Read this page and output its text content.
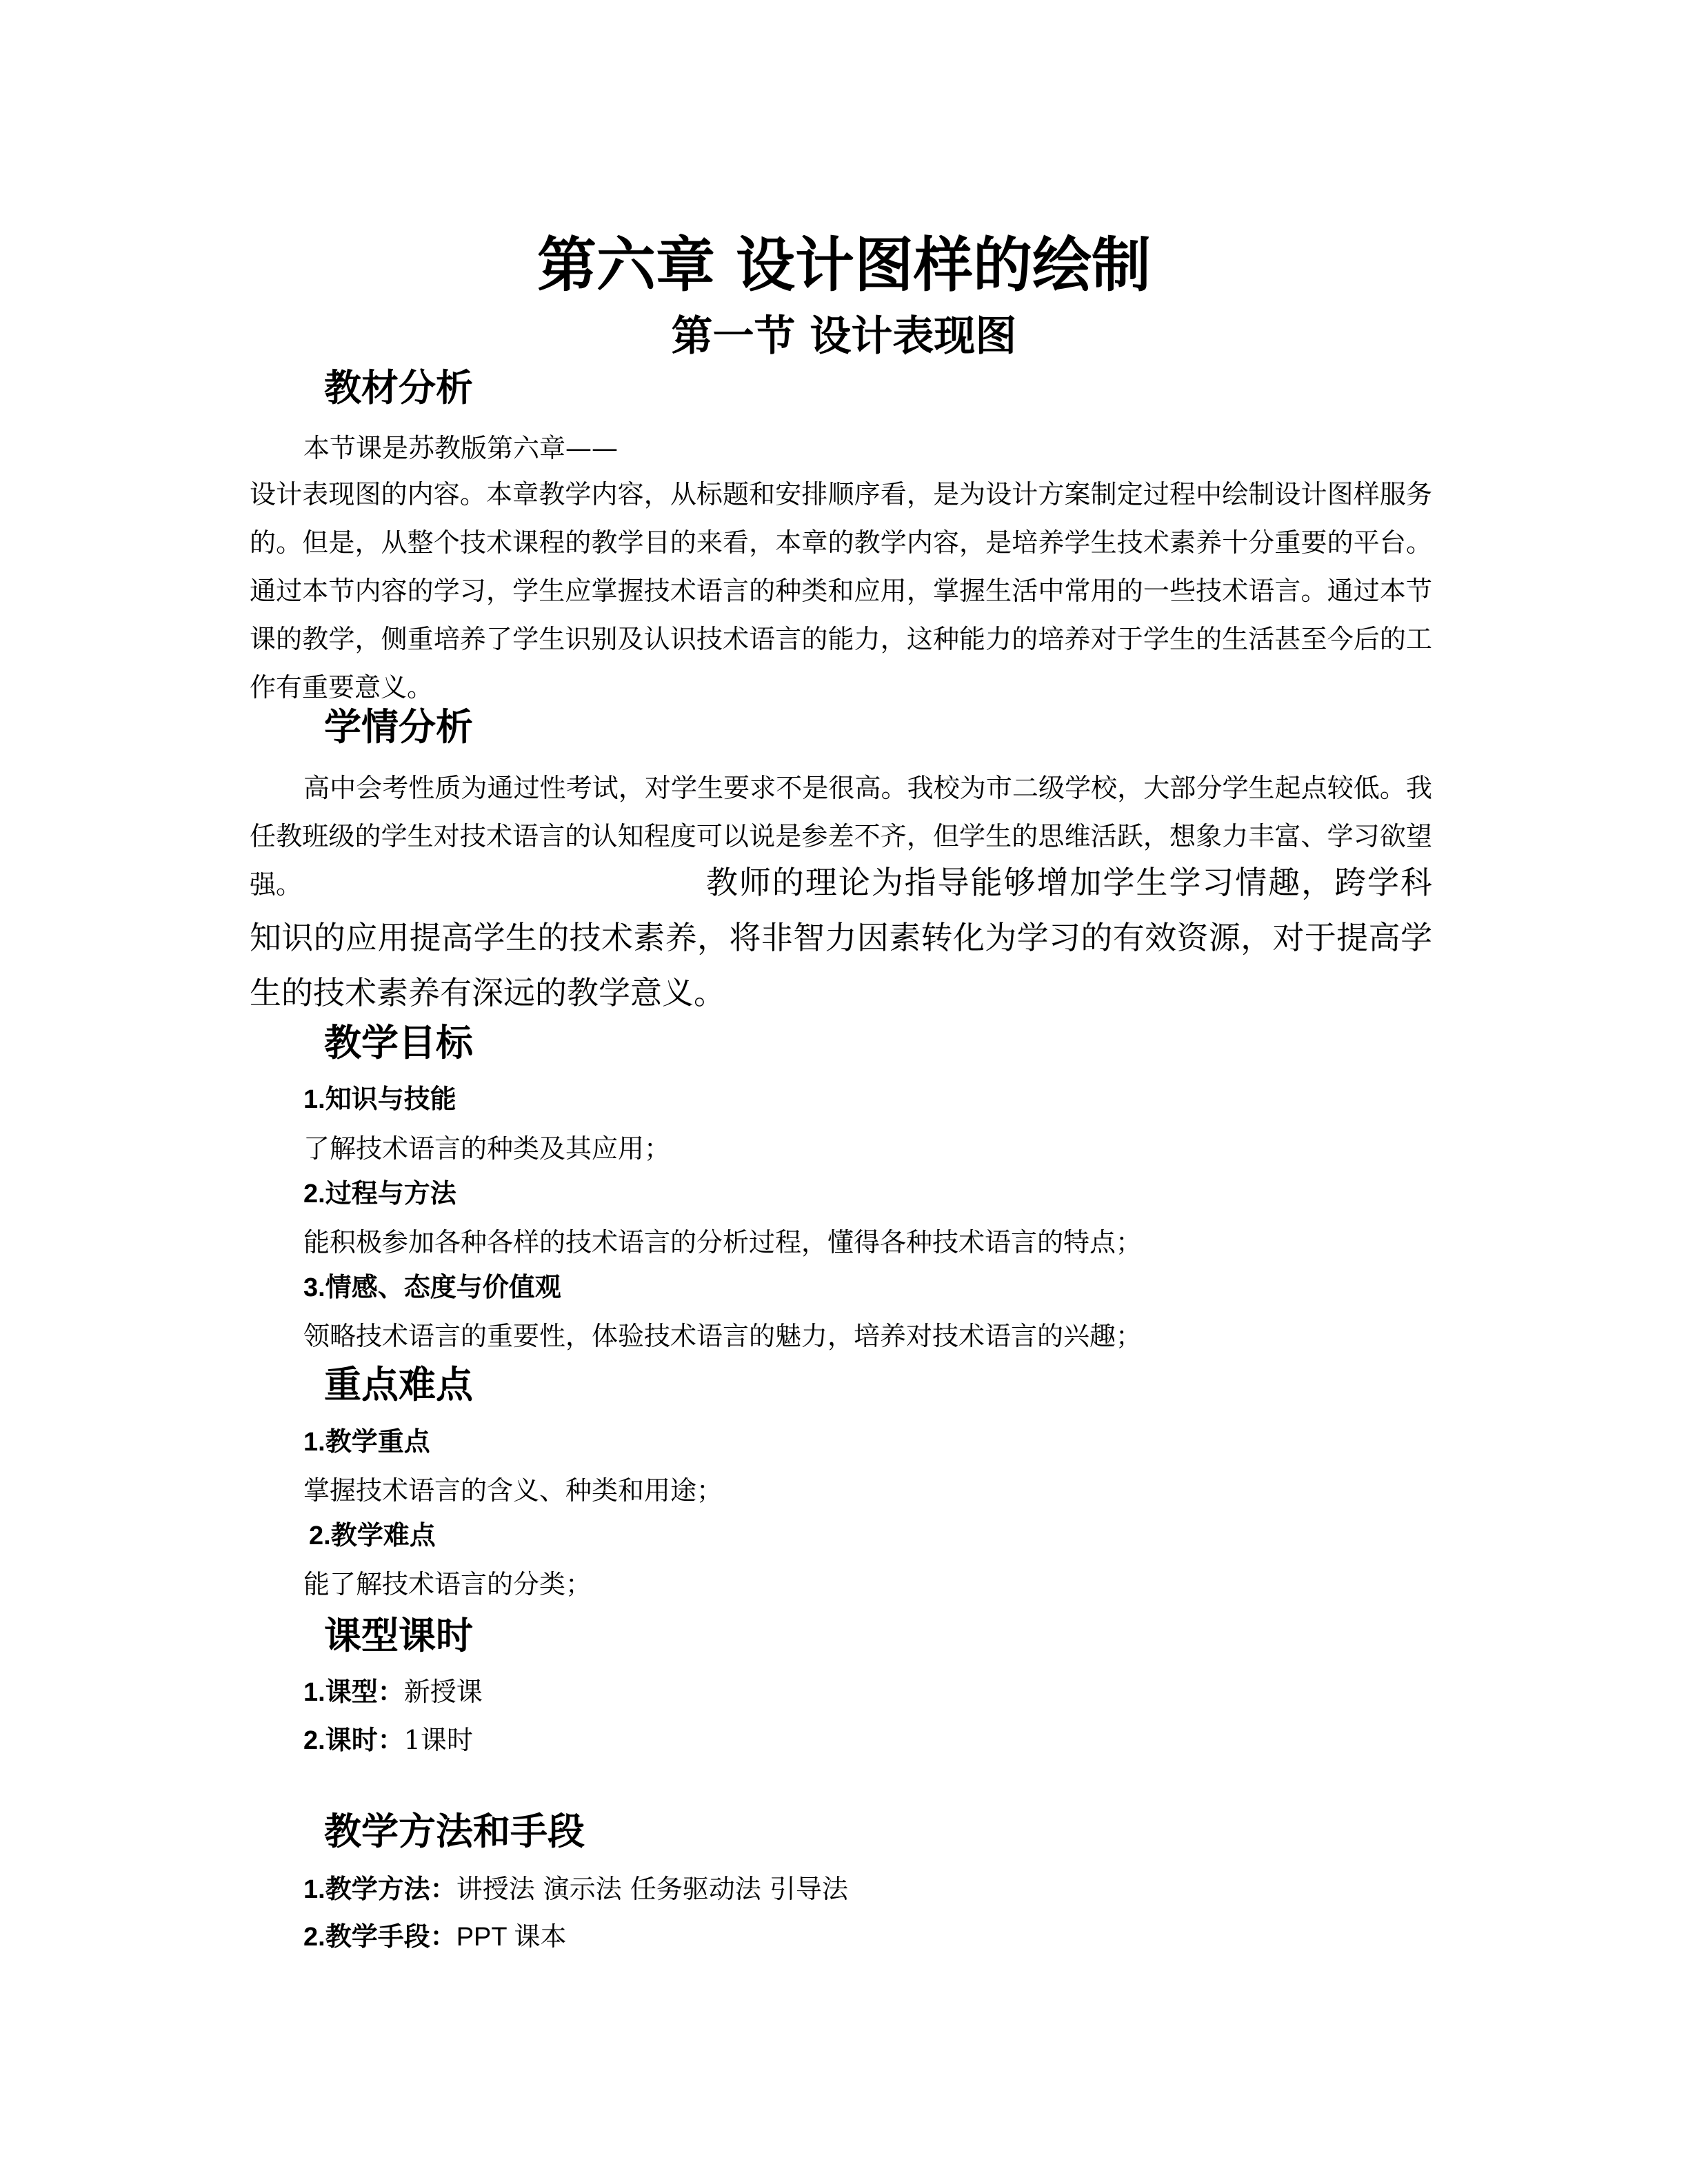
第六章 设计图样的绘制
第一节 设计表现图
教材分析

本节课是苏教版第六章——

设计表现图的内容。本章教学内容，从标题和安排顺序看，是为设计方案制定过程中绘制设计图样服务的。但是，从整个技术课程的教学目的来看，本章的教学内容，是培养学生技术素养十分重要的平台。通过本节内容的学习，学生应掌握技术语言的种类和应用，掌握生活中常用的一些技术语言。通过本节课的教学，侧重培养了学生识别及认识技术语言的能力，这种能力的培养对于学生的生活甚至今后的工作有重要意义。

学情分析

高中会考性质为通过性考试，对学生要求不是很高。我校为市二级学校，大部分学生起点较低。我任教班级的学生对技术语言的认知程度可以说是参差不齐，但学生的思维活跃，想象力丰富、学习欲望强。	教师的理论为指导能够增加学生学习情趣，跨学科知识的应用提高学生的技术素养，将非智力因素转化为学习的有效资源，对于提高学生的技术素养有深远的教学意义。
教学目标

1.知识与技能

了解技术语言的种类及其应用；

2.过程与方法

能积极参加各种各样的技术语言的分析过程，懂得各种技术语言的特点；

3.情感、态度与价值观

领略技术语言的重要性，体验技术语言的魅力，培养对技术语言的兴趣；

重点难点

1.教学重点

掌握技术语言的含义、种类和用途；

2.教学难点

能了解技术语言的分类；

课型课时

1.课型：新授课

2.课时：1课时

教学方法和手段

1.教学方法：讲授法 演示法 任务驱动法 引导法

2.教学手段：PPT 课本
